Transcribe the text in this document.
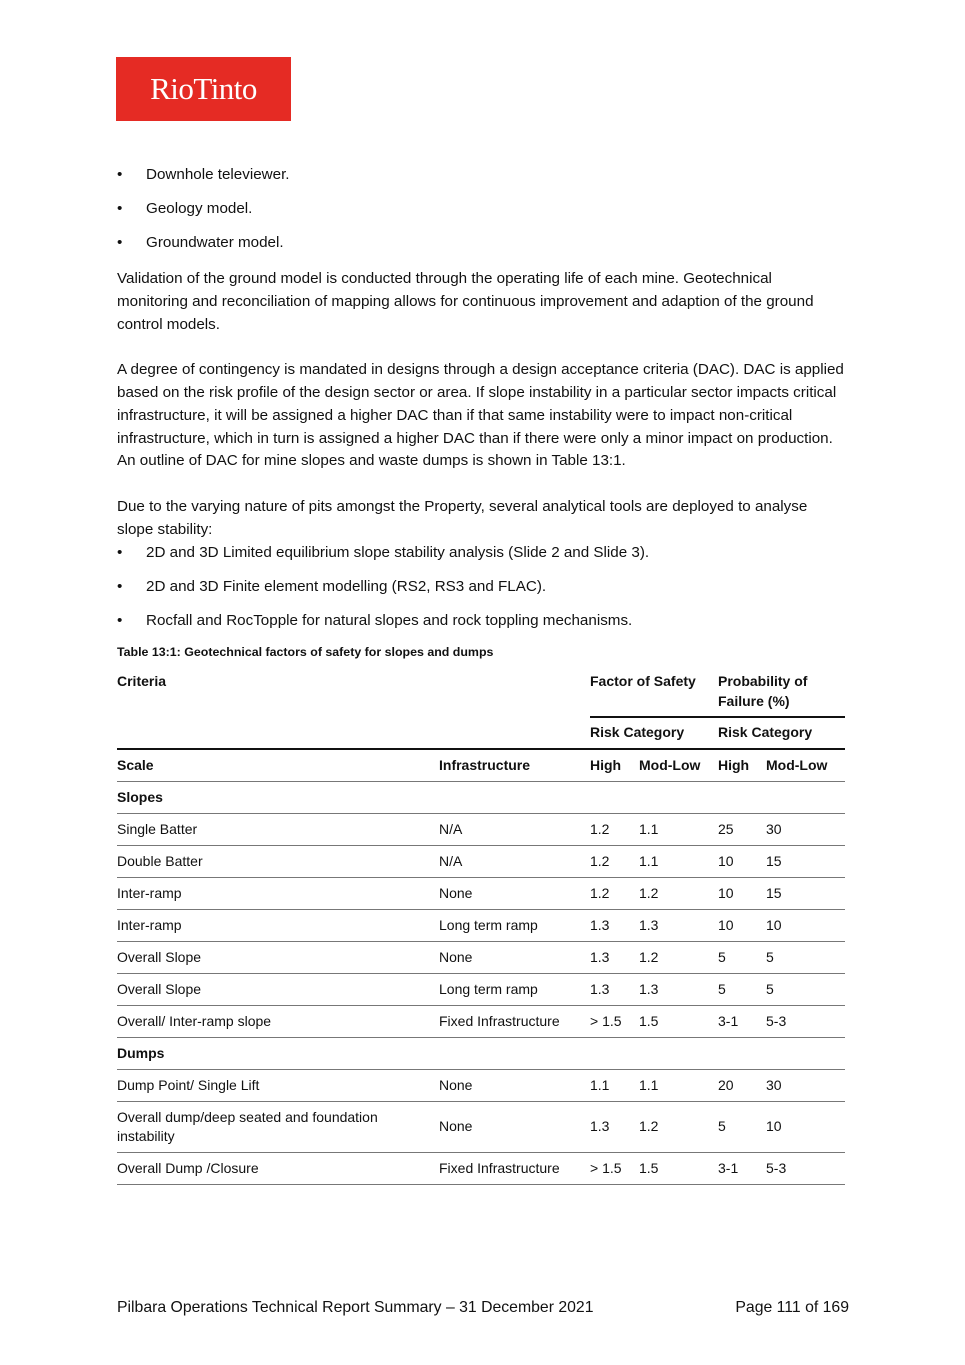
RioTinto
• Downhole televiewer.
• Geology model.
• Groundwater model.

Validation of the ground model is conducted through the operating life of each mine. Geotechnical monitoring and reconciliation of mapping allows for continuous improvement and adaption of the ground control models.

A degree of contingency is mandated in designs through a design acceptance criteria (DAC). DAC is applied based on the risk profile of the design sector or area. If slope instability in a particular sector impacts critical infrastructure, it will be assigned a higher DAC than if that same instability were to impact non-critical infrastructure, which in turn is assigned a higher DAC than if there were only a minor impact on production. An outline of DAC for mine slopes and waste dumps is shown in Table 13:1.

Due to the varying nature of pits amongst the Property, several analytical tools are deployed to analyse slope stability:

• 2D and 3D Limited equilibrium slope stability analysis (Slide 2 and Slide 3).
• 2D and 3D Finite element modelling (RS2, RS3 and FLAC).
• Rocfall and RocTopple for natural slopes and rock toppling mechanisms.
Table 13:1: Geotechnical factors of safety for slopes and dumps
Criteria		Factor of Safety		Probability of Failure (%)	
		Risk Category		Risk Category	
Scale	Infrastructure	High	Mod-Low	High	Mod-Low
Slopes					
Single Batter	N/A	1.2	1.1	25	30
Double Batter	N/A	1.2	1.1	10	15
Inter-ramp	None	1.2	1.2	10	15
Inter-ramp	Long term ramp	1.3	1.3	10	10
Overall Slope	None	1.3	1.2	5	5
Overall Slope	Long term ramp	1.3	1.3	5	5
Overall/ Inter-ramp slope	Fixed Infrastructure	> 1.5	1.5	3-1	5-3
Dumps					
Dump Point/ Single Lift	None	1.1	1.1	20	30
Overall dump/deep seated and foundation instability	None	1.3	1.2	5	10
Overall Dump /Closure	Fixed Infrastructure	> 1.5	1.5	3-1	5-3
Pilbara Operations Technical Report Summary – 31 December 2021	Page 111 of 169
